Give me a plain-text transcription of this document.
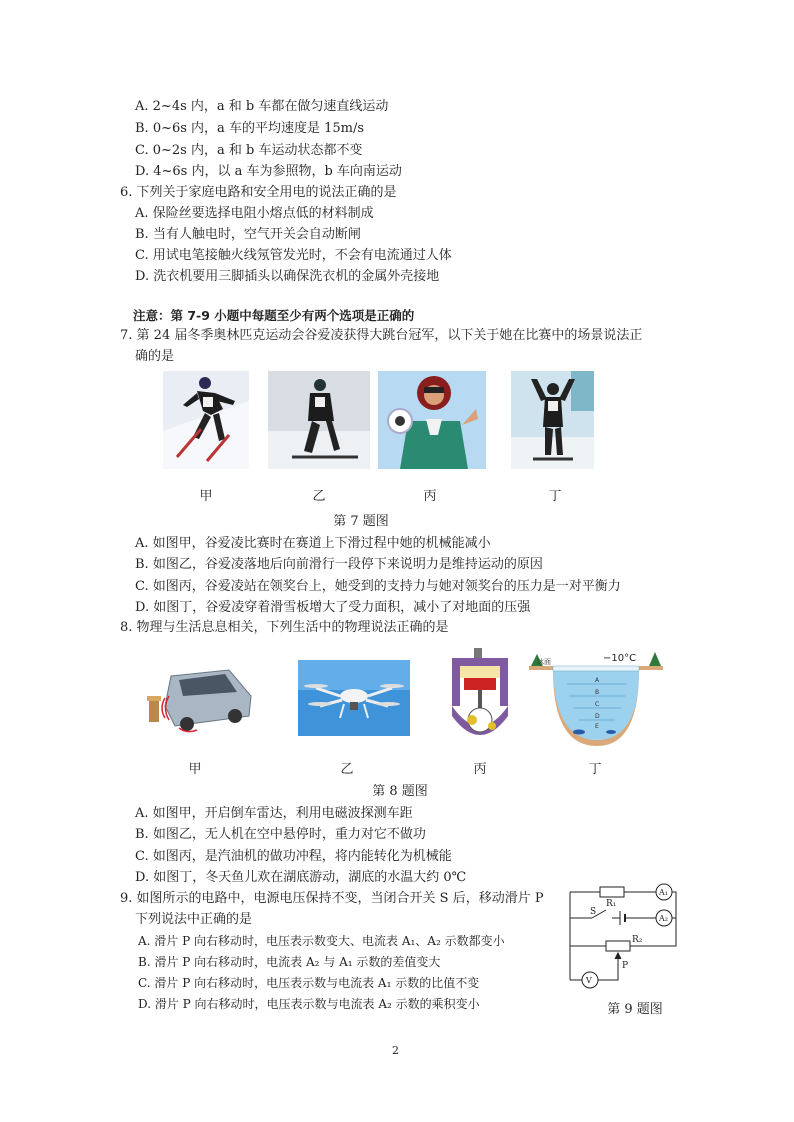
A. 2~4s 内，a 和 b 车都在做匀速直线运动
B. 0~6s 内，a 车的平均速度是 15m/s
C. 0~2s 内，a 和 b 车运动状态都不变
D. 4~6s 内，以 a 车为参照物，b 车向南运动
6. 下列关于家庭电路和安全用电的说法正确的是
A. 保险丝要选择电阻小熔点低的材料制成
B. 当有人触电时，空气开关会自动断闸
C. 用试电笔接触火线氖管发光时，不会有电流通过人体
D. 洗衣机要用三脚插头以确保洗衣机的金属外壳接地
注意：第 7-9 小题中每题至少有两个选项是正确的
7. 第 24 届冬季奥林匹克运动会谷爱凌获得大跳台冠军，以下关于她在比赛中的场景说法正
确的是
甲	乙	丙	丁
第 7 题图
A. 如图甲，谷爱凌比赛时在赛道上下滑过程中她的机械能减小
B. 如图乙，谷爱凌落地后向前滑行一段停下来说明力是维持运动的原因
C. 如图丙，谷爱凌站在领奖台上，她受到的支持力与她对领奖台的压力是一对平衡力
D. 如图丁，谷爱凌穿着滑雪板增大了受力面积，减小了对地面的压强
8. 物理与生活息息相关，下列生活中的物理说法正确的是
冰面	−10°C
A
B
C
D
E
甲	乙	丙	丁
第 8 题图
A. 如图甲，开启倒车雷达，利用电磁波探测车距
B. 如图乙，无人机在空中悬停时，重力对它不做功
C. 如图丙，是汽油机的做功冲程，将内能转化为机械能
D. 如图丁，冬天鱼儿欢在湖底游动，湖底的水温大约 0℃
9. 如图所示的电路中，电源电压保持不变，当闭合开关 S 后，移动滑片 P
下列说法中正确的是
A. 滑片 P 向右移动时，电压表示数变大、电流表 A₁、A₂ 示数都变小
B. 滑片 P 向右移动时，电流表 A₂ 与 A₁ 示数的差值变大
C. 滑片 P 向右移动时，电压表示数与电流表 A₁ 示数的比值不变
D. 滑片 P 向右移动时，电压表示数与电流表 A₂ 示数的乘积变小
R₁
A₁
A₂
S
R₂
P
V
第 9 题图
2
